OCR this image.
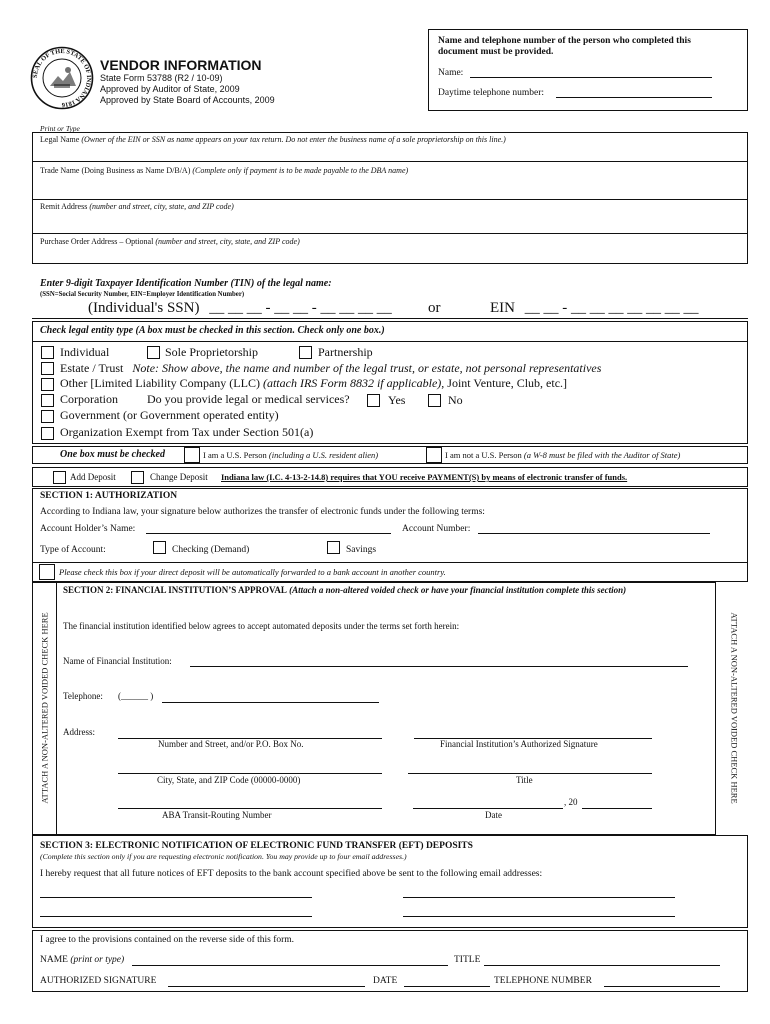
SEAL OF THE STATE OF INDIANA 1816
VENDOR INFORMATION
State Form 53788 (R2 / 10-09)
Approved by Auditor of State, 2009
Approved by State Board of Accounts, 2009
Name and telephone number of the person who completed this document must be provided.
Name:
Daytime telephone number:
Print or Type
Legal Name (Owner of the EIN or SSN as name appears on your tax return. Do not enter the business name of a sole proprietorship on this line.)
Trade Name (Doing Business as Name D/B/A) (Complete only if payment is to be made payable to the DBA name)
Remit Address (number and street, city, state, and ZIP code)
Purchase Order Address – Optional (number and street, city, state, and ZIP code)
Enter 9-digit Taxpayer Identification Number (TIN) of the legal name:
(SSN=Social Security Number, EIN=Employer Identification Number)
(Individual's SSN) __ __ __ - __ __ - __ __ __ __ or	EIN __ __ - __ __ __ __ __ __ __
Check legal entity type (A box must be checked in this section. Check only one box.)
Individual	Sole Proprietorship	Partnership
Estate / Trust Note: Show above, the name and number of the legal trust, or estate, not personal representatives
Other [Limited Liability Company (LLC) (attach IRS Form 8832 if applicable), Joint Venture, Club, etc.]
Corporation Do you provide legal or medical services?	Yes	No
Government (or Government operated entity)
Organization Exempt from Tax under Section 501(a)
One box must be checked	I am a U.S. Person (including a U.S. resident alien)	I am not a U.S. Person (a W-8 must be filed with the Auditor of State)
Add Deposit	Change Deposit Indiana law (I.C. 4-13-2-14.8) requires that YOU receive PAYMENT(S) by means of electronic transfer of funds.
SECTION 1: AUTHORIZATION
According to Indiana law, your signature below authorizes the transfer of electronic funds under the following terms:
Account Holder’s Name:	Account Number:
Type of Account:	Checking (Demand)	Savings
Please check this box if your direct deposit will be automatically forwarded to a bank account in another country.
ATTACH A NON-ALTERED VOIDED CHECK HERE	ATTACH A NON-ALTERED VOIDED CHECK HERE
SECTION 2: FINANCIAL INSTITUTION’S APPROVAL (Attach a non-altered voided check or have your financial institution complete this section)
The financial institution identified below agrees to accept automated deposits under the terms set forth herein:
Name of Financial Institution:
Telephone: (______ )
Address:
Number and Street, and/or P.O. Box No.	Financial Institution’s Authorized Signature
City, State, and ZIP Code (00000-0000)	Title
ABA Transit-Routing Number
, 20
Date
SECTION 3: ELECTRONIC NOTIFICATION OF ELECTRONIC FUND TRANSFER (EFT) DEPOSITS
(Complete this section only if you are requesting electronic notification. You may provide up to four email addresses.)
I hereby request that all future notices of EFT deposits to the bank account specified above be sent to the following email addresses:
I agree to the provisions contained on the reverse side of this form.
NAME (print or type)	TITLE
AUTHORIZED SIGNATURE	DATE	TELEPHONE NUMBER
